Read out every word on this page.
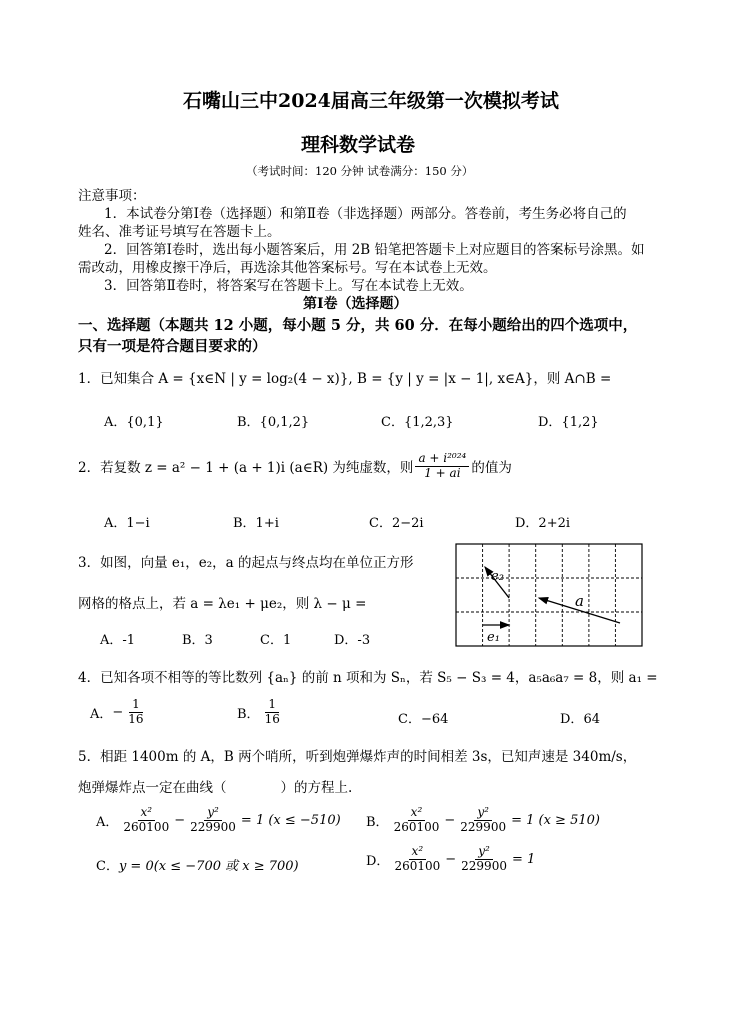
石嘴山三中2024届高三年级第一次模拟考试
理科数学试卷
（考试时间：120 分钟 试卷满分：150 分）
注意事项：
1．本试卷分第Ⅰ卷（选择题）和第Ⅱ卷（非选择题）两部分。答卷前，考生务必将自己的
姓名、准考证号填写在答题卡上。
2．回答第Ⅰ卷时，选出每小题答案后，用 2B 铅笔把答题卡上对应题目的答案标号涂黑。如
需改动，用橡皮擦干净后，再选涂其他答案标号。写在本试卷上无效。
3．回答第Ⅱ卷时，将答案写在答题卡上。写在本试卷上无效。
第Ⅰ卷（选择题）
一、选择题（本题共 12 小题，每小题 5 分，共 60 分．在每小题给出的四个选项中，
只有一项是符合题目要求的）
1．已知集合 A = {x∈N | y = log₂(4 − x)}, B = {y | y = |x − 1|, x∈A}，则 A∩B =
A．{0,1}	B．{0,1,2}	C．{1,2,3}	D．{1,2}
2．若复数 z = a² − 1 + (a + 1)i (a∈R) 为纯虚数，则 $\frac{\text{a + i²⁰²⁴}}{1 + ai}$ 的值为
A．1−i	B．1+i	C．2−2i	D．2+2i
3．如图，向量 e₁，e₂，a 的起点与终点均在单位正方形
网格的格点上，若 a = λe₁ + μe₂，则 λ − μ =
A．-1	B．3	C．1	D．-3	e₁
e₂
a
4．已知各项不相等的等比数列 {aₙ} 的前 n 项和为 Sₙ，若 S₅ − S₃ = 4，a₅a₆a₇ = 8，则 a₁ =
A． − $\frac{1}{16}$	B． $\frac{1}{16}$	C．−64	D．64
5．相距 1400m 的 A，B 两个哨所，听到炮弹爆炸声的时间相差 3s，已知声速是 340m/s，
炮弹爆炸点一定在曲线（　　　　）的方程上.
A． $\frac{\text{x²}}{260100} - \frac{\text{y²}}{229900} = 1$ (x ≤ −510) B． $\frac{\text{x²}}{260100} - \frac{\text{y²}}{229900} = 1$ (x ≥ 510)
C．y = 0(x ≤ −700 或 x ≥ 700)	D． $\frac{\text{x²}}{260100} - \frac{\text{y²}}{229900} = 1$
